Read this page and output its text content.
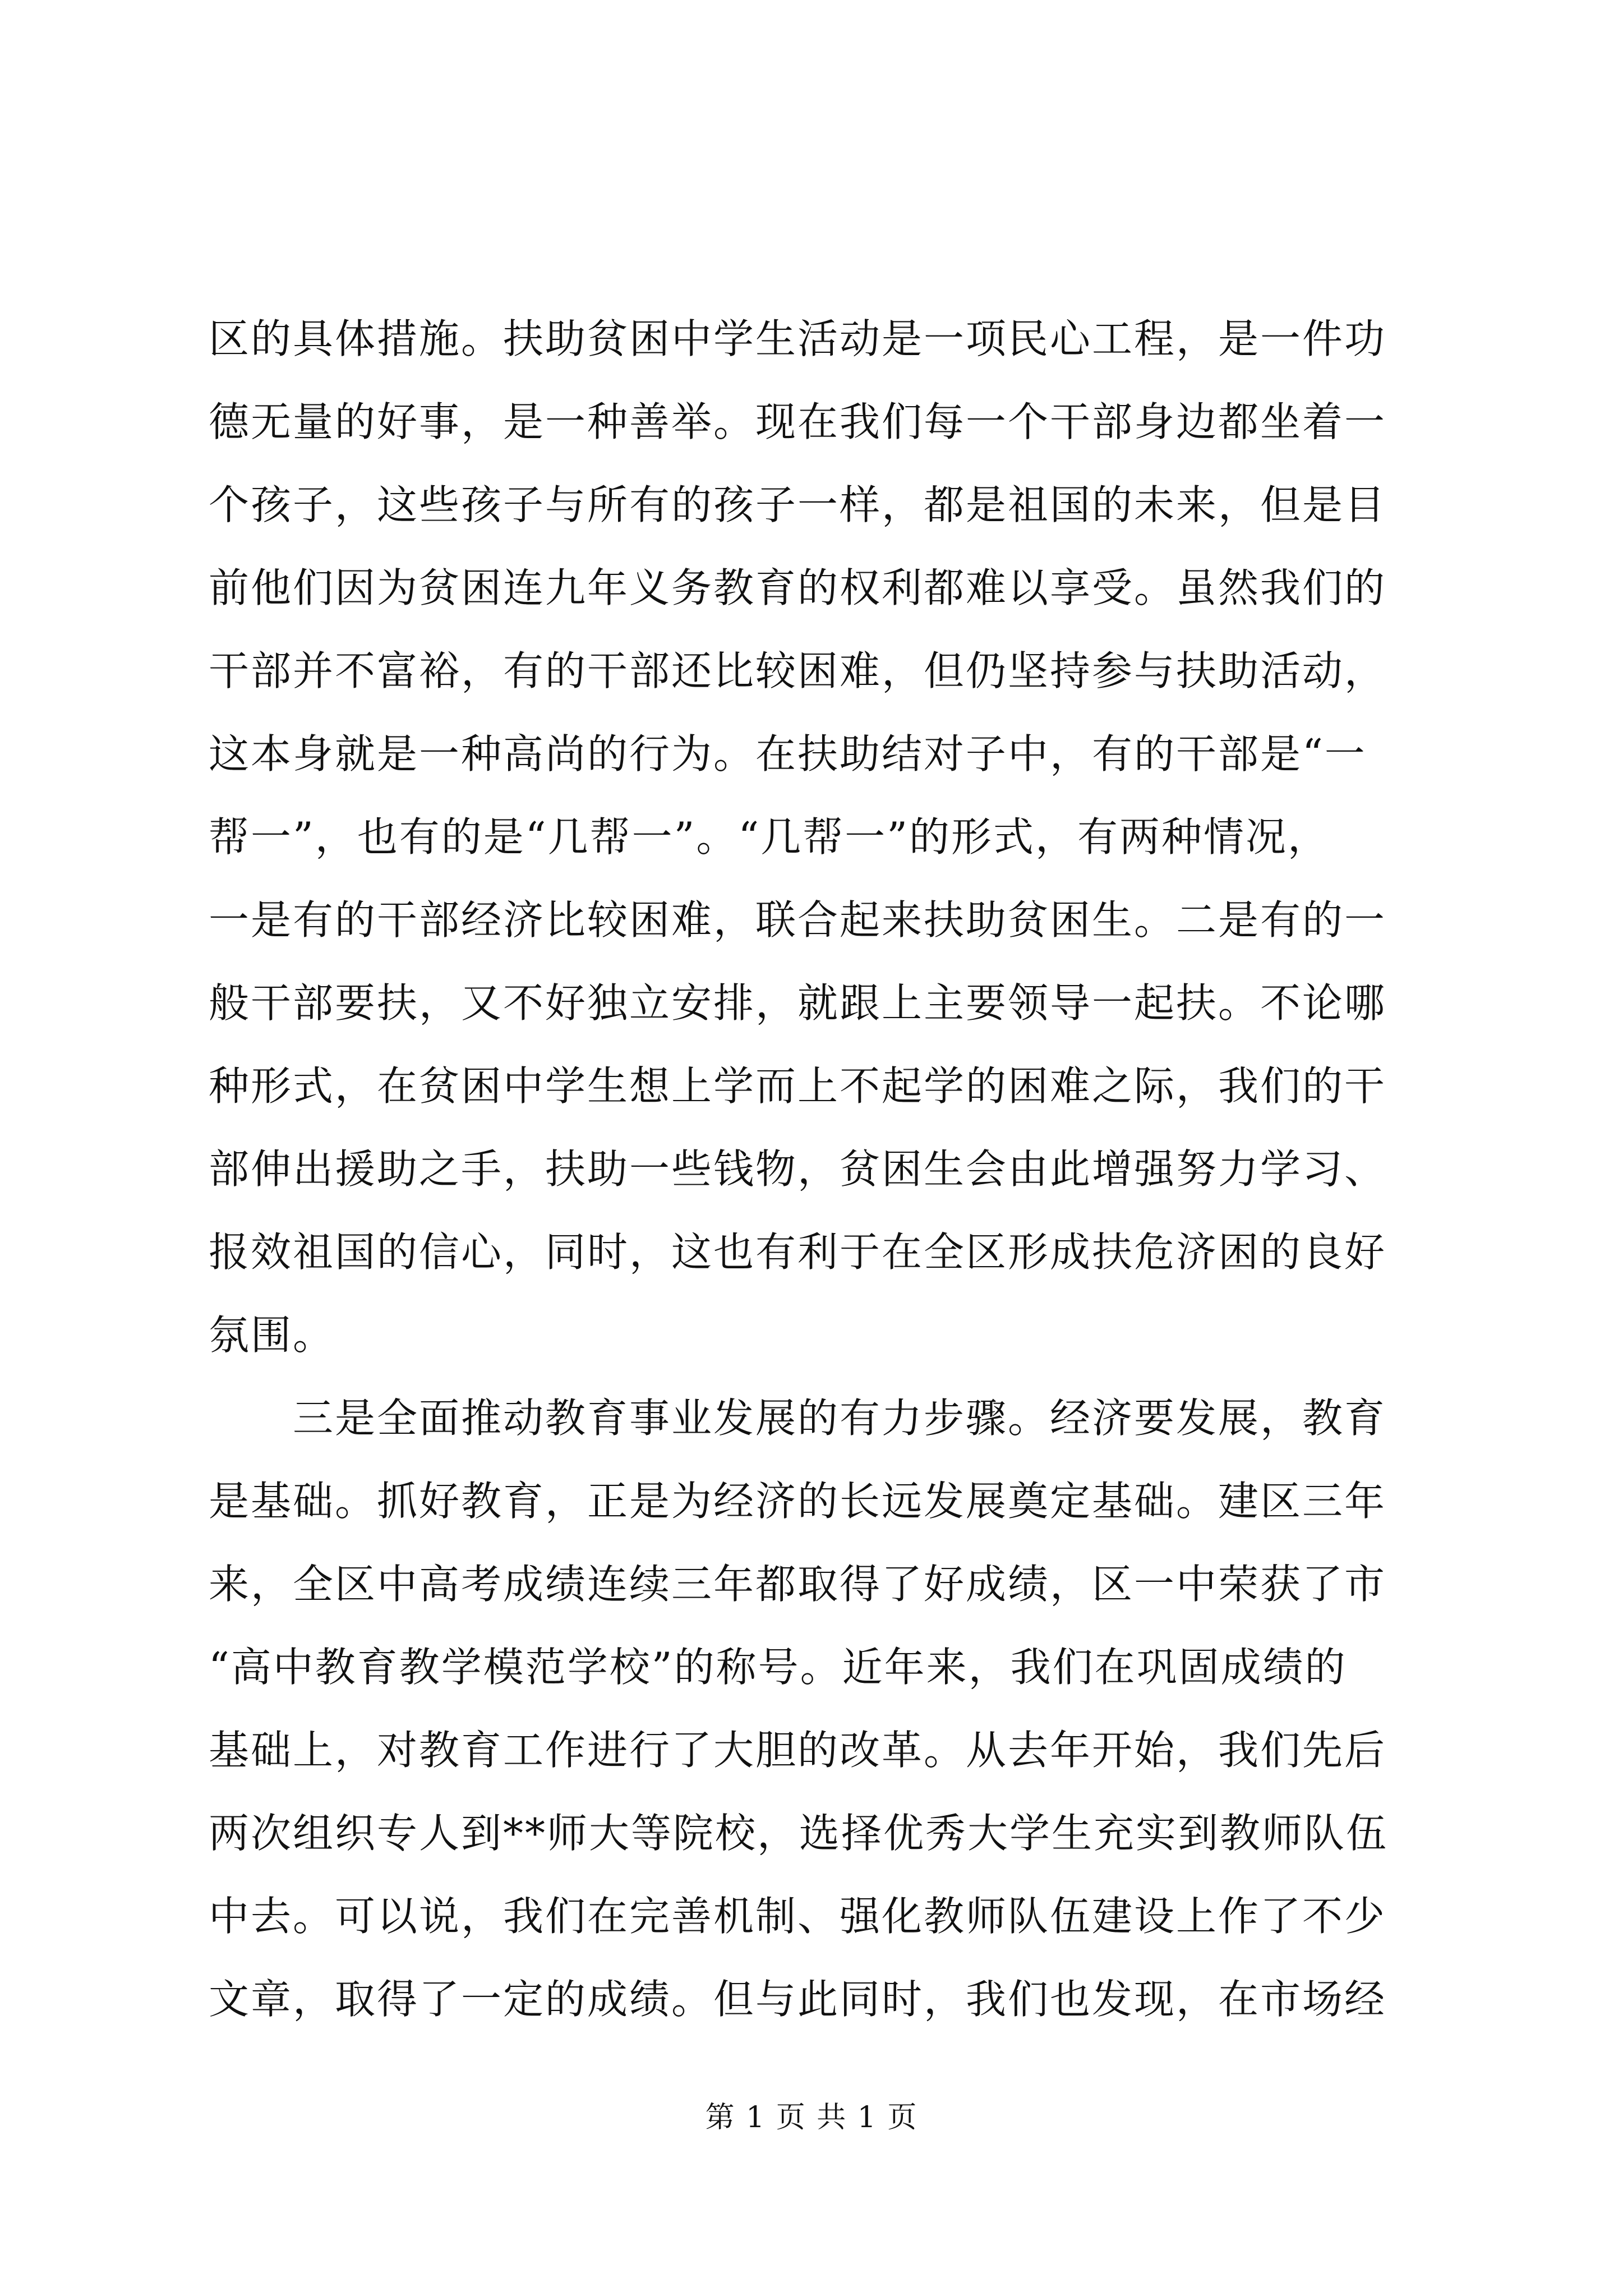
区的具体措施。扶助贫困中学生活动是一项民心工程，是一件功
德无量的好事，是一种善举。现在我们每一个干部身边都坐着一
个孩子，这些孩子与所有的孩子一样，都是祖国的未来，但是目
前他们因为贫困连九年义务教育的权利都难以享受。虽然我们的
干部并不富裕，有的干部还比较困难，但仍坚持参与扶助活动，
这本身就是一种高尚的行为。在扶助结对子中，有的干部是“一
帮一”，也有的是“几帮一”。“几帮一”的形式，有两种情况，
一是有的干部经济比较困难，联合起来扶助贫困生。二是有的一
般干部要扶，又不好独立安排，就跟上主要领导一起扶。不论哪
种形式，在贫困中学生想上学而上不起学的困难之际，我们的干
部伸出援助之手，扶助一些钱物，贫困生会由此增强努力学习、
报效祖国的信心，同时，这也有利于在全区形成扶危济困的良好
氛围。
三是全面推动教育事业发展的有力步骤。经济要发展，教育
是基础。抓好教育，正是为经济的长远发展奠定基础。建区三年
来，全区中高考成绩连续三年都取得了好成绩，区一中荣获了市
“高中教育教学模范学校”的称号。近年来，我们在巩固成绩的
基础上，对教育工作进行了大胆的改革。从去年开始，我们先后
两次组织专人到**师大等院校，选择优秀大学生充实到教师队伍
中去。可以说，我们在完善机制、强化教师队伍建设上作了不少
文章，取得了一定的成绩。但与此同时，我们也发现，在市场经
第 1 页 共 1 页
